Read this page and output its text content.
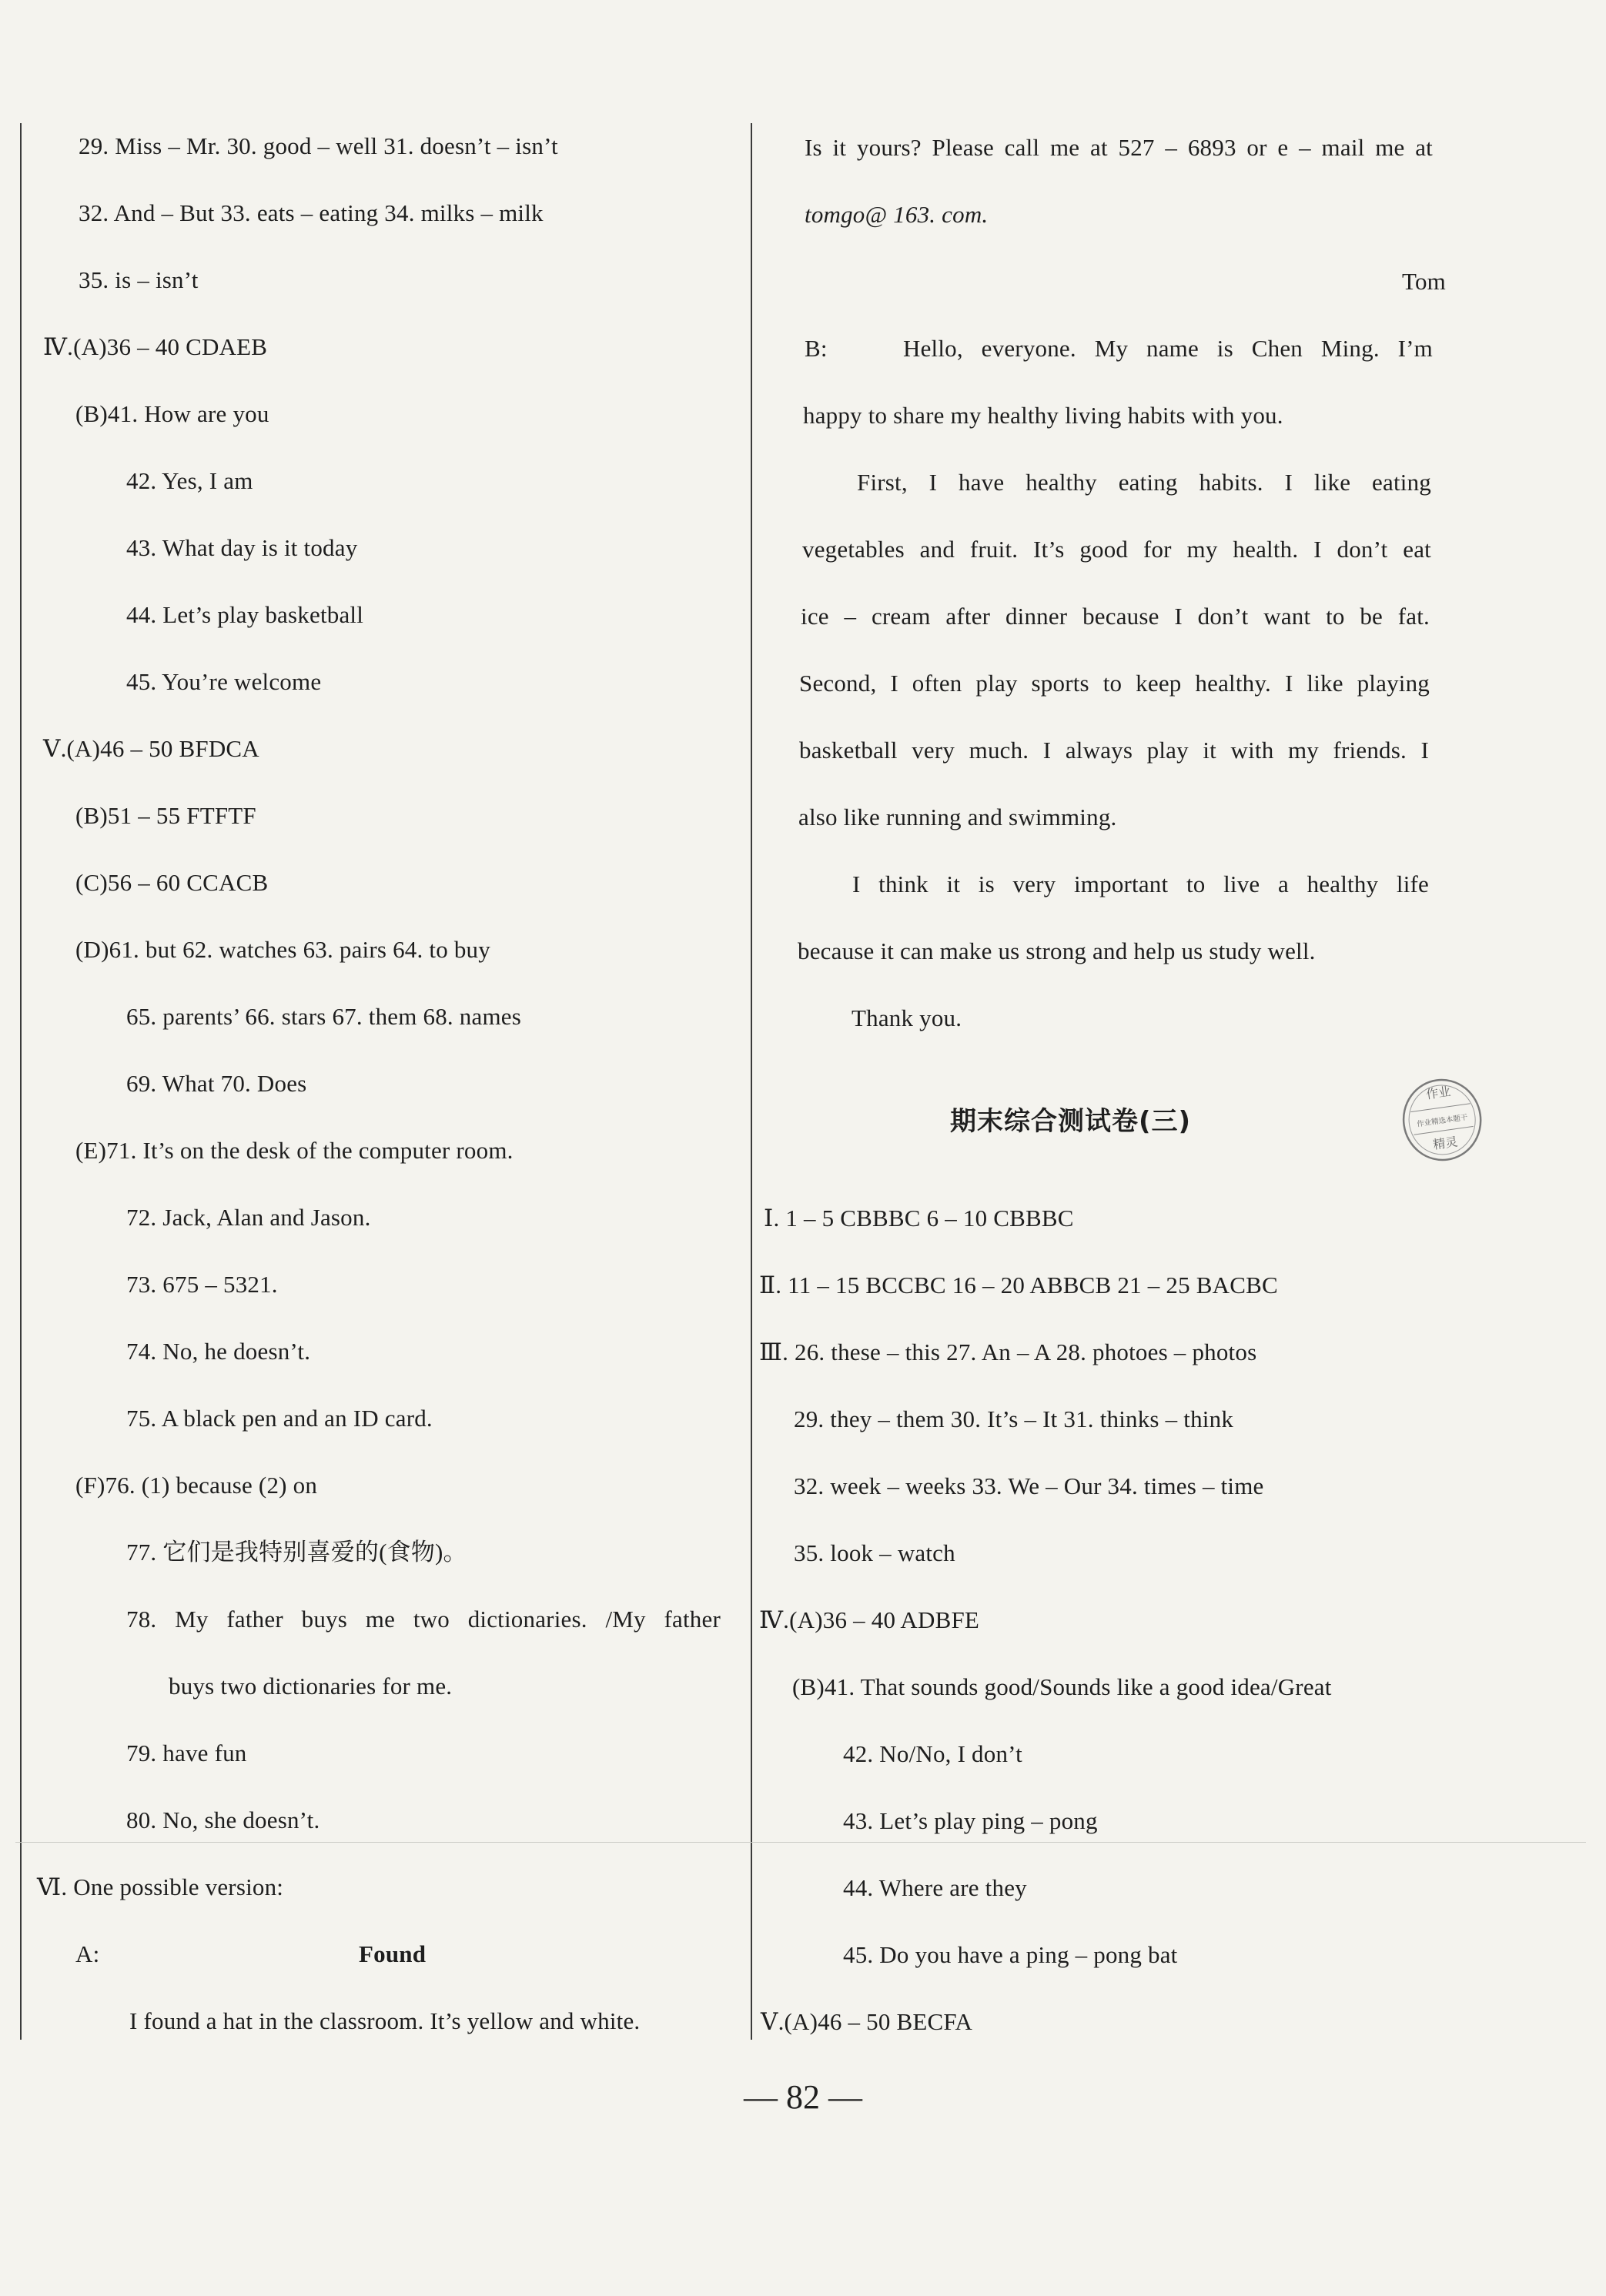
29. Miss – Mr. 30. good – well 31. doesn’t – isn’t
32. And – But 33. eats – eating 34. milks – milk
35. is – isn’t
Ⅳ.(A)36 – 40 CDAEB
(B)41. How are you
42. Yes, I am
43. What day is it today
44. Let’s play basketball
45. You’re welcome
Ⅴ.(A)46 – 50 BFDCA
(B)51 – 55 FTFTF
(C)56 – 60 CCACB
(D)61. but 62. watches 63. pairs 64. to buy
65. parents’ 66. stars 67. them 68. names
69. What 70. Does
(E)71. It’s on the desk of the computer room.
72. Jack, Alan and Jason.
73. 675 – 5321.
74. No, he doesn’t.
75. A black pen and an ID card.
(F)76. (1) because (2) on
77. 它们是我特别喜爱的(食物)。
78. My father buys me two dictionaries. /My father
buys two dictionaries for me.
79. have fun
80. No, she doesn’t.
Ⅵ. One possible version:
A:	Found
I found a hat in the classroom. It’s yellow and white.
Is it yours? Please call me at 527 – 6893 or e – mail me at
tomgo@ 163. com.
Tom
B:	Hello, everyone. My name is Chen Ming. I’m
happy to share my healthy living habits with you.
First, I have healthy eating habits. I like eating
vegetables and fruit. It’s good for my health. I don’t eat
ice – cream after dinner because I don’t want to be fat.
Second, I often play sports to keep healthy. I like playing
basketball very much. I always play it with my friends. I
also like running and swimming.
I think it is very important to live a healthy life
because it can make us strong and help us study well.
Thank you.
期末综合测试卷(三)
Ⅰ. 1 – 5 CBBBC 6 – 10 CBBBC
Ⅱ. 11 – 15 BCCBC 16 – 20 ABBCB 21 – 25 BACBC
Ⅲ. 26. these – this 27. An – A 28. photoes – photos
29. they – them 30. It’s – It 31. thinks – think
32. week – weeks 33. We – Our 34. times – time
35. look – watch
Ⅳ.(A)36 – 40 ADBFE
(B)41. That sounds good/Sounds like a good idea/Great
42. No/No, I don’t
43. Let’s play ping – pong
44. Where are they
45. Do you have a ping – pong bat
Ⅴ.(A)46 – 50 BECFA
作业
作业精选本题干
精灵
— 82 —
